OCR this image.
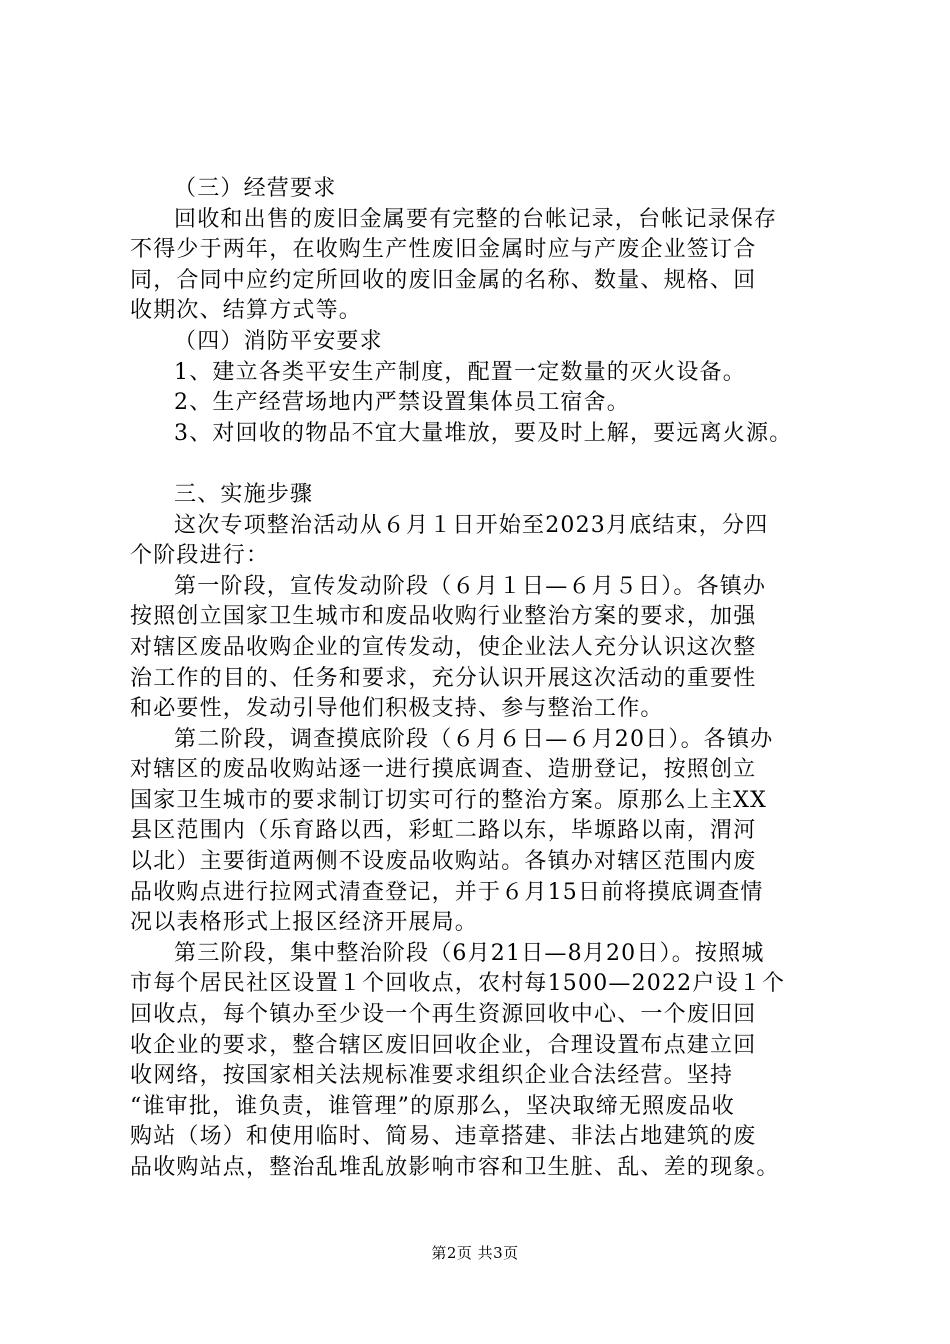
（三）经营要求
回收和出售的废旧金属要有完整的台帐记录，台帐记录保存
不得少于两年，在收购生产性废旧金属时应与产废企业签订合
同，合同中应约定所回收的废旧金属的名称、数量、规格、回
收期次、结算方式等。
（四）消防平安要求
1、建立各类平安生产制度，配置一定数量的灭火设备。
2、生产经营场地内严禁设置集体员工宿舍。
3、对回收的物品不宜大量堆放，要及时上解，要远离火源。
三、实施步骤
这次专项整治活动从６月１日开始至2023月底结束，分四
个阶段进行：
第一阶段，宣传发动阶段（６月１日—６月５日）。各镇办
按照创立国家卫生城市和废品收购行业整治方案的要求，加强
对辖区废品收购企业的宣传发动，使企业法人充分认识这次整
治工作的目的、任务和要求，充分认识开展这次活动的重要性
和必要性，发动引导他们积极支持、参与整治工作。
第二阶段，调查摸底阶段（６月６日—６月20日）。各镇办
对辖区的废品收购站逐一进行摸底调查、造册登记，按照创立
国家卫生城市的要求制订切实可行的整治方案。原那么上主XX
县区范围内（乐育路以西，彩虹二路以东，毕塬路以南，渭河
以北）主要街道两侧不设废品收购站。各镇办对辖区范围内废
品收购点进行拉网式清查登记，并于６月15日前将摸底调查情
况以表格形式上报区经济开展局。
第三阶段，集中整治阶段（6月21日—8月20日）。按照城
市每个居民社区设置１个回收点，农村每1500—2022户设１个
回收点，每个镇办至少设一个再生资源回收中心、一个废旧回
收企业的要求，整合辖区废旧回收企业，合理设置布点建立回
收网络，按国家相关法规标准要求组织企业合法经营。坚持
“谁审批，谁负责，谁管理”的原那么，坚决取缔无照废品收
购站（场）和使用临时、简易、违章搭建、非法占地建筑的废
品收购站点，整治乱堆乱放影响市容和卫生脏、乱、差的现象。
第2页 共3页
